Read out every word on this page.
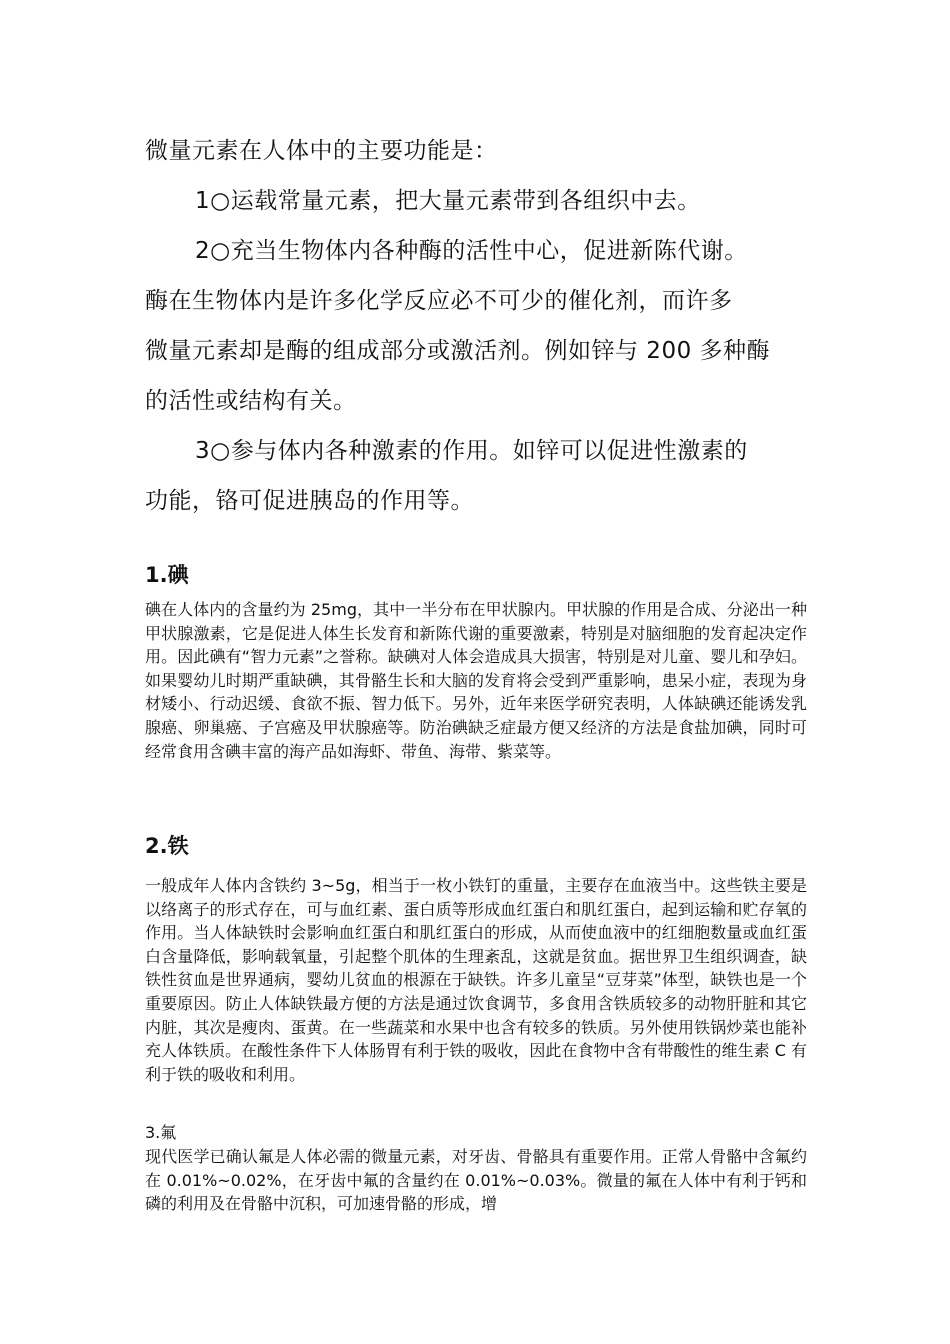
微量元素在人体中的主要功能是：

1○运载常量元素，把大量元素带到各组织中去。

2○充当生物体内各种酶的活性中心，促进新陈代谢。

酶在生物体内是许多化学反应必不可少的催化剂，而许多

微量元素却是酶的组成部分或激活剂。例如锌与 200 多种酶

的活性或结构有关。

3○参与体内各种激素的作用。如锌可以促进性激素的

功能，铬可促进胰岛的作用等。

1.碘

碘在人体内的含量约为 25mg，其中一半分布在甲状腺内。甲状腺的作用是合成、分泌出一种甲状腺激素，它是促进人体生长发育和新陈代谢的重要激素，特别是对脑细胞的发育起决定作用。因此碘有“智力元素”之誉称。缺碘对人体会造成具大损害，特别是对儿童、婴儿和孕妇。如果婴幼儿时期严重缺碘，其骨骼生长和大脑的发育将会受到严重影响，患呆小症，表现为身材矮小、行动迟缓、食欲不振、智力低下。另外，近年来医学研究表明，人体缺碘还能诱发乳腺癌、卵巢癌、子宫癌及甲状腺癌等。防治碘缺乏症最方便又经济的方法是食盐加碘，同时可经常食用含碘丰富的海产品如海虾、带鱼、海带、紫菜等。

2.铁

一般成年人体内含铁约 3~5g，相当于一枚小铁钉的重量，主要存在血液当中。这些铁主要是以络离子的形式存在，可与血红素、蛋白质等形成血红蛋白和肌红蛋白，起到运输和贮存氧的作用。当人体缺铁时会影响血红蛋白和肌红蛋白的形成，从而使血液中的红细胞数量或血红蛋白含量降低，影响载氧量，引起整个肌体的生理紊乱，这就是贫血。据世界卫生组织调查，缺铁性贫血是世界通病，婴幼儿贫血的根源在于缺铁。许多儿童呈“豆芽菜”体型，缺铁也是一个重要原因。防止人体缺铁最方便的方法是通过饮食调节，多食用含铁质较多的动物肝脏和其它内脏，其次是瘦肉、蛋黄。在一些蔬菜和水果中也含有较多的铁质。另外使用铁锅炒菜也能补充人体铁质。在酸性条件下人体肠胃有利于铁的吸收，因此在食物中含有带酸性的维生素 C 有利于铁的吸收和利用。

3.氟

现代医学已确认氟是人体必需的微量元素，对牙齿、骨骼具有重要作用。正常人骨骼中含氟约在 0.01%~0.02%，在牙齿中氟的含量约在 0.01%~0.03%。微量的氟在人体中有利于钙和磷的利用及在骨骼中沉积，可加速骨骼的形成，增
